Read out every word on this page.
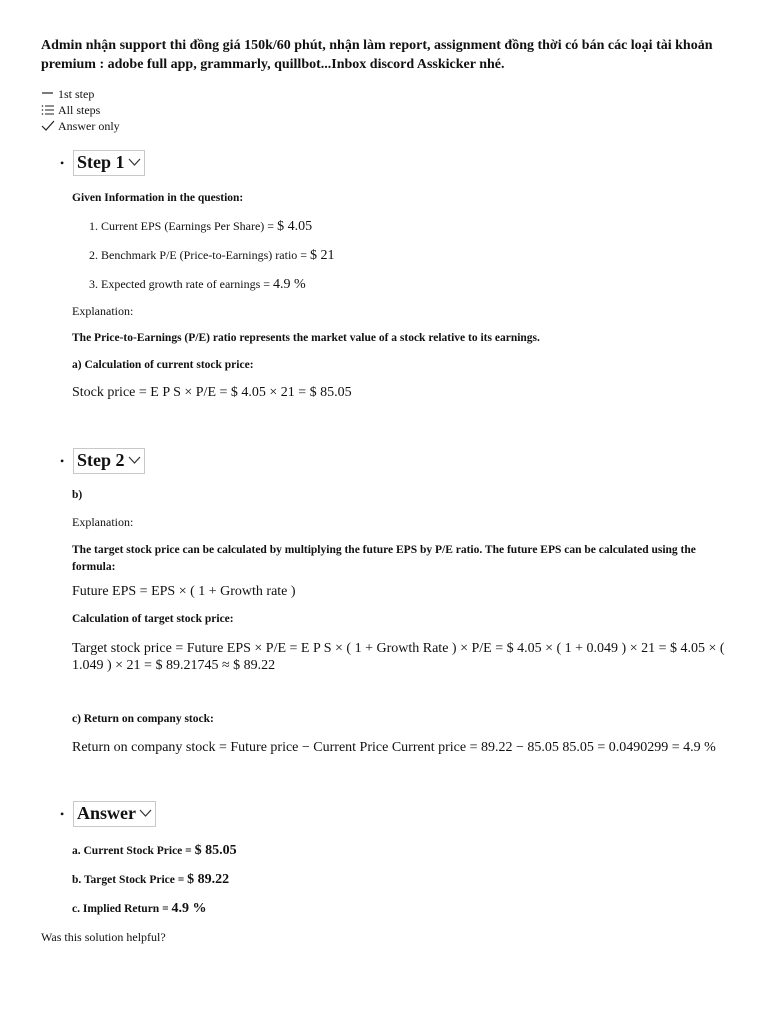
Admin nhận support thi đồng giá 150k/60 phút, nhận làm report, assignment đồng thời có bán các loại tài khoản premium : adobe full app, grammarly, quillbot...Inbox discord Asskicker nhé.
1st step
All steps
Answer only
• Step 1
Given Information in the question:
1. Current EPS (Earnings Per Share) = $ 4.05
2. Benchmark P/E (Price-to-Earnings) ratio = $ 21
3. Expected growth rate of earnings = 4.9 %
Explanation:
The Price-to-Earnings (P/E) ratio represents the market value of a stock relative to its earnings.
a) Calculation of current stock price:
Stock price = E P S × P/E = $ 4.05 × 21 = $ 85.05
• Step 2
b)
Explanation:
The target stock price can be calculated by multiplying the future EPS by P/E ratio. The future EPS can be calculated using the formula:
Future EPS = EPS × ( 1 + Growth rate )
Calculation of target stock price:
Target stock price = Future EPS × P/E = E P S × ( 1 + Growth Rate ) × P/E = $ 4.05 × ( 1 + 0.049 ) × 21 = $ 4.05 × ( 1.049 ) × 21 = $ 89.21745 ≈ $ 89.22
c) Return on company stock:
Return on company stock = Future price − Current Price Current price = 89.22 − 85.05 85.05 = 0.0490299 = 4.9 %
• Answer
a. Current Stock Price = $ 85.05
b. Target Stock Price = $ 89.22
c. Implied Return = 4.9 %
Was this solution helpful?
